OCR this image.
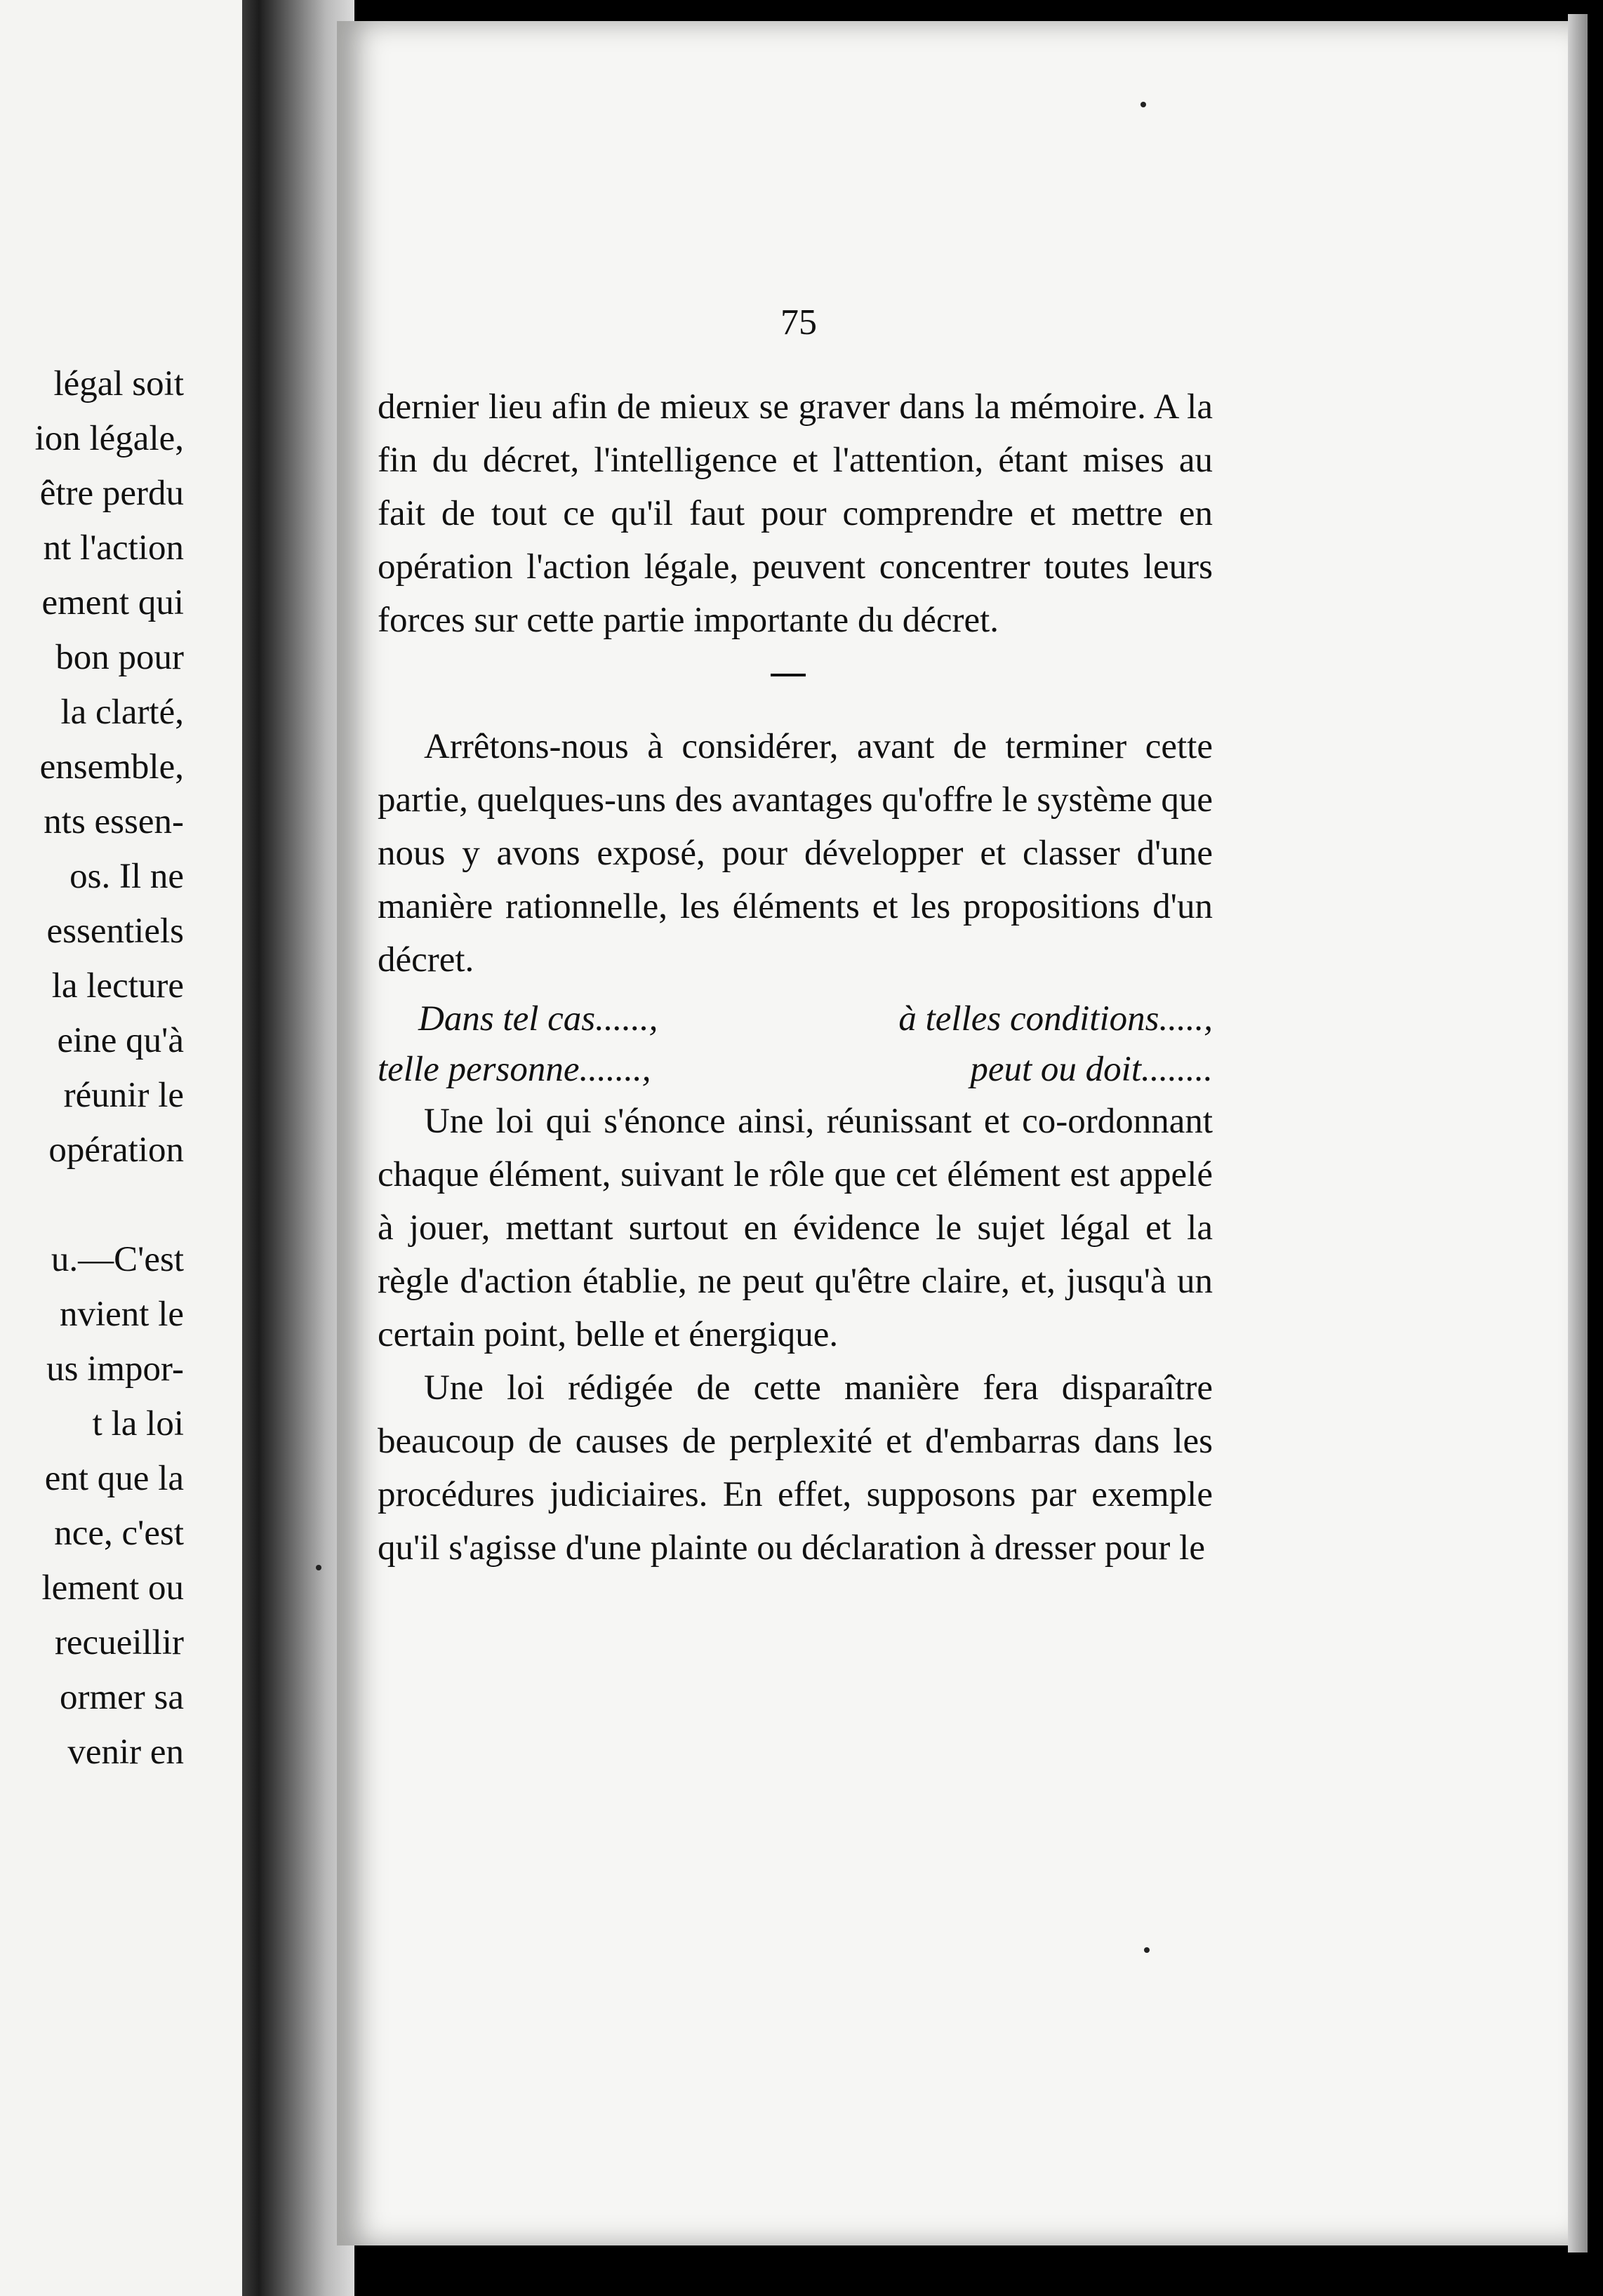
légal soit
ion légale,
être perdu
nt l'action
ement qui
bon pour
la clarté,
ensemble,
nts essen-
os. Il ne
essentiels
la lecture
eine qu'à
réunir le
opération
u.—C'est
nvient le
us impor-
t la loi
ent que la
nce, c'est
lement ou
recueillir
ormer sa
venir en
75

dernier lieu afin de mieux se graver dans la mémoire. A la fin du décret, l'intelligence et l'attention, étant mises au fait de tout ce qu'il faut pour comprendre et mettre en opération l'action légale, peuvent concentrer toutes leurs forces sur cette partie importante du décret.

Arrêtons-nous à considérer, avant de terminer cette partie, quelques-uns des avantages qu'offre le système que nous y avons exposé, pour développer et classer d'une manière rationnelle, les éléments et les propositions d'un décret.

Dans tel cas......,	à telles conditions.....,
telle personne.......,	peut ou doit........

Une loi qui s'énonce ainsi, réunissant et co-ordonnant chaque élément, suivant le rôle que cet élément est appelé à jouer, mettant surtout en évidence le sujet légal et la règle d'action établie, ne peut qu'être claire, et, jusqu'à un certain point, belle et énergique.

Une loi rédigée de cette manière fera disparaître beaucoup de causes de perplexité et d'embarras dans les procédures judiciaires. En effet, supposons par exemple qu'il s'agisse d'une plainte ou déclaration à dresser pour le
